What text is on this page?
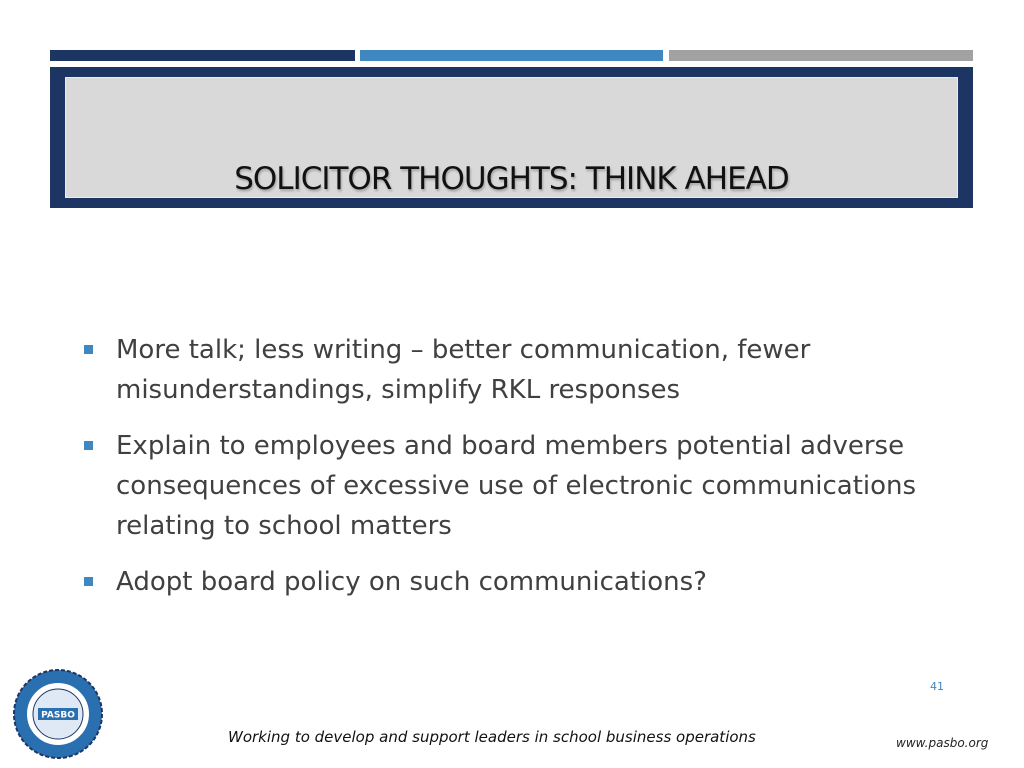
SOLICITOR THOUGHTS: THINK AHEAD
More talk; less writing – better communication, fewer misunderstandings, simplify RKL responses
Explain to employees and board members potential adverse consequences of excessive use of electronic communications relating to school matters
Adopt board policy on such communications?
41
PASBO
Working to develop and support leaders in school business operations	www.pasbo.org
